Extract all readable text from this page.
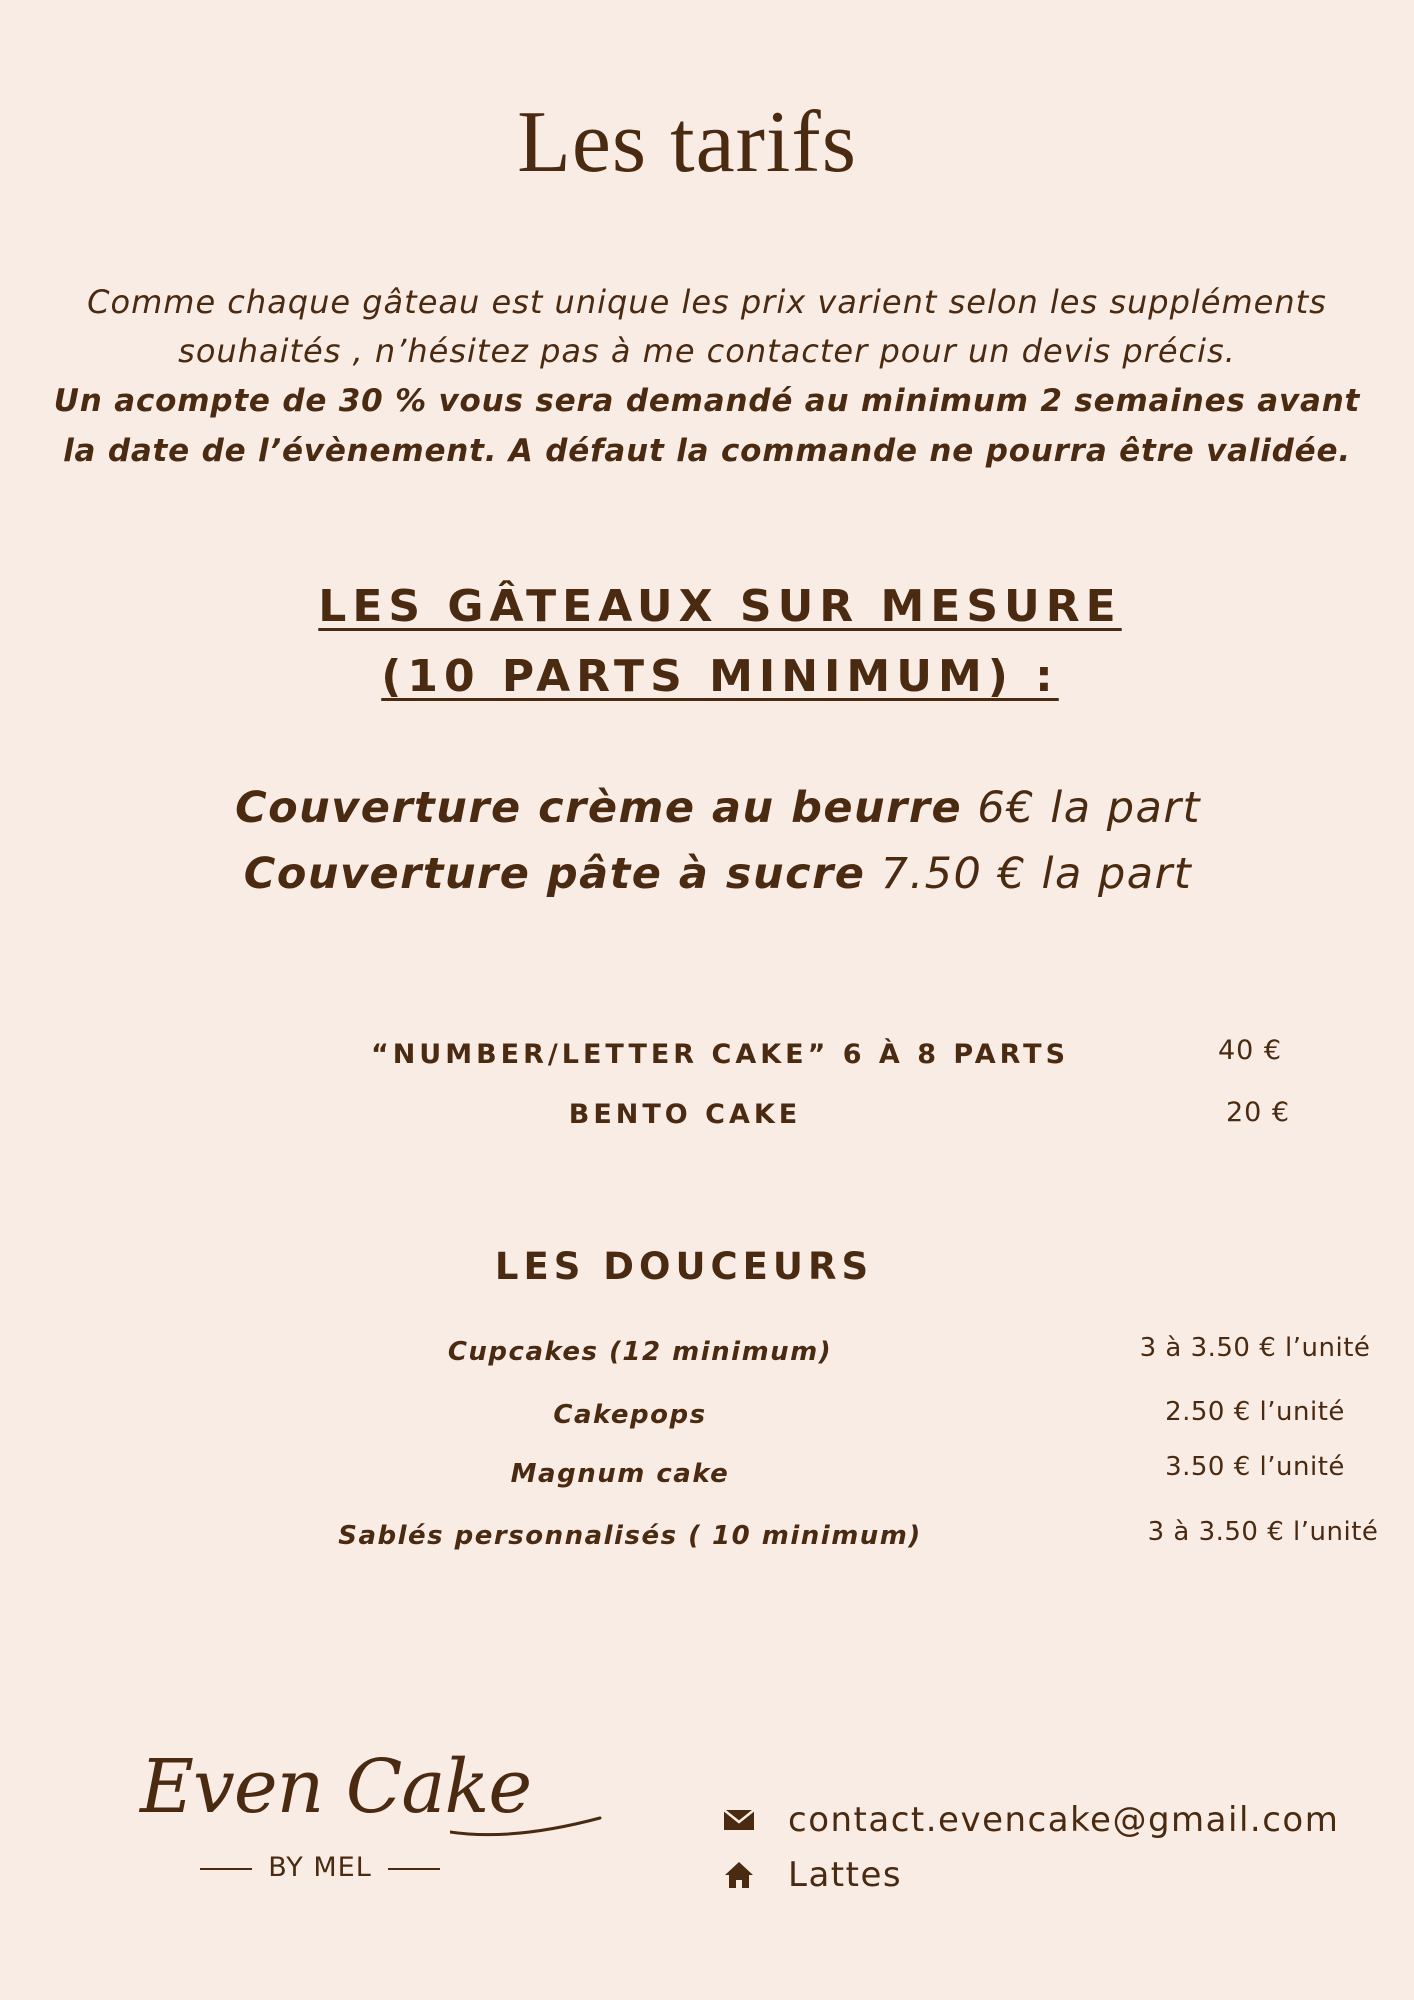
Les tarifs
Comme chaque gâteau est unique les prix varient selon les suppléments
souhaités , n’hésitez pas à me contacter pour un devis précis.
Un acompte de 30 % vous sera demandé au minimum 2 semaines avant
la date de l’évènement. A défaut la commande ne pourra être validée.
LES GÂTEAUX SUR MESURE
(10 PARTS MINIMUM) :
Couverture crème au beurre 6€ la part
Couverture pâte à sucre 7.50 € la part
“NUMBER/LETTER CAKE” 6 À 8 PARTS	40 €
BENTO CAKE	20 €
LES DOUCEURS
Cupcakes (12 minimum)	3 à 3.50 € l’unité
Cakepops	2.50 € l’unité
Magnum cake	3.50 € l’unité
Sablés personnalisés ( 10 minimum)	3 à 3.50 € l’unité
Even Cake
BY MEL
contact.evencake@gmail.com
Lattes
